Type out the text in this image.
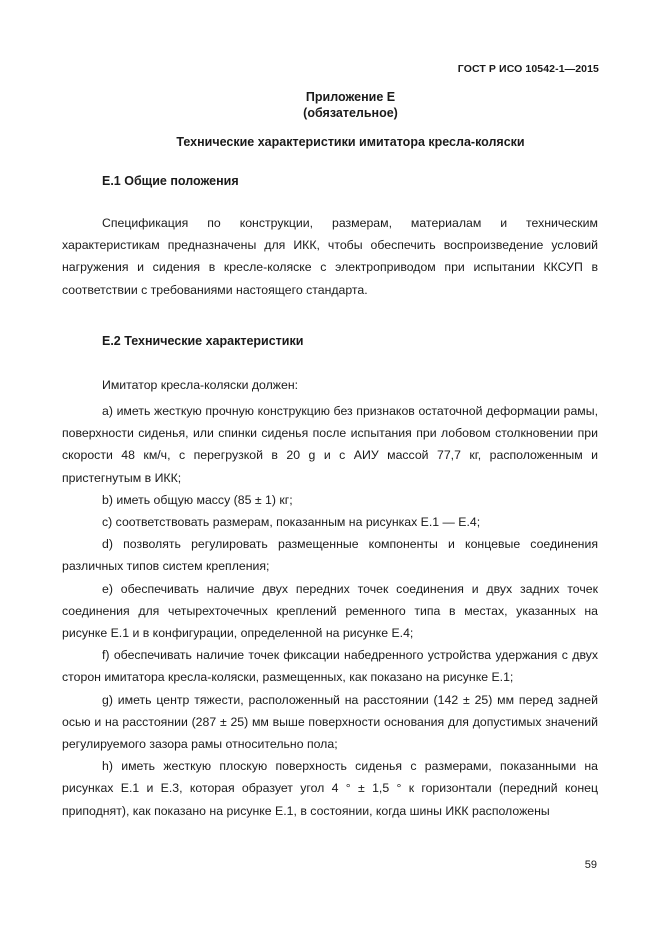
ГОСТ Р ИСО 10542-1—2015
Приложение Е
(обязательное)
Технические характеристики имитатора кресла-коляски
Е.1 Общие положения

Спецификация по конструкции, размерам, материалам и техническим характеристикам предназначены для ИКК, чтобы обеспечить воспроизведение условий нагружения и сидения в кресле-коляске с электроприводом при испытании ККСУП в соответствии с требованиями настоящего стандарта.

Е.2 Технические характеристики

Имитатор кресла-коляски должен:

a) иметь жесткую прочную конструкцию без признаков остаточной деформации рамы, поверхности сиденья, или спинки сиденья после испытания при лобовом столкновении при скорости 48 км/ч, с перегрузкой в 20 g и с АИУ массой 77,7 кг, расположенным и пристегнутым в ИКК;

b) иметь общую массу (85 ± 1) кг;

c) соответствовать размерам, показанным на рисунках Е.1 — Е.4;

d) позволять регулировать размещенные компоненты и концевые соединения различных типов систем крепления;

e) обеспечивать наличие двух передних точек соединения и двух задних точек соединения для четырехточечных креплений ременного типа в местах, указанных на рисунке Е.1 и в конфигурации, определенной на рисунке Е.4;

f) обеспечивать наличие точек фиксации набедренного устройства удержания с двух сторон имитатора кресла-коляски, размещенных, как показано на рисунке Е.1;

g) иметь центр тяжести, расположенный на расстоянии (142 ± 25) мм перед задней осью и на расстоянии (287 ± 25) мм выше поверхности основания для допустимых значений регулируемого зазора рамы относительно пола;

h) иметь жесткую плоскую поверхность сиденья с размерами, показанными на рисунках Е.1 и Е.3, которая образует угол 4 ° ± 1,5 ° к горизонтали (передний конец приподнят), как показано на рисунке Е.1, в состоянии, когда шины ИКК расположены

59
